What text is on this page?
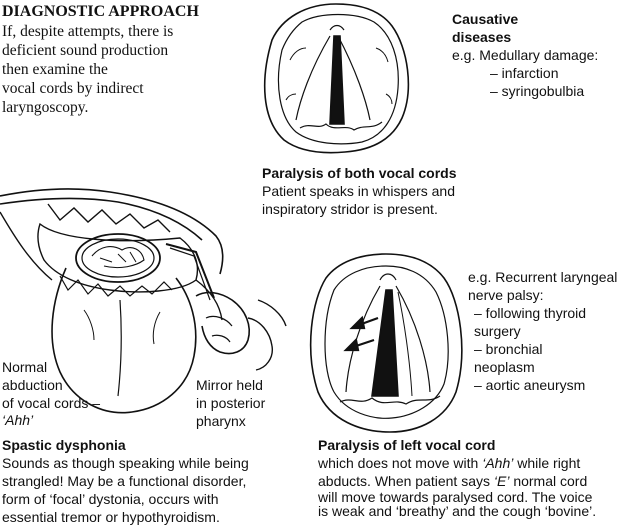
DIAGNOSTIC APPROACH
If, despite attempts, there is
deficient sound production
then examine the
vocal cords by indirect
laryngoscopy.
Causative
diseases
e.g. Medullary damage:
– infarction
– syringobulbia
Paralysis of both vocal cords
Patient speaks in whispers and
inspiratory stridor is present.
e.g. Recurrent laryngeal
nerve palsy:
– following thyroid
surgery
– bronchial
neoplasm
– aortic aneurysm
Normal
abduction
of vocal cords –
‘Ahh’
Mirror held
in posterior
pharynx
Spastic dysphonia
Sounds as though speaking while being
strangled! May be a functional disorder,
form of ‘focal’ dystonia, occurs with
essential tremor or hypothyroidism.
Paralysis of left vocal cord
which does not move with ‘Ahh’ while right
abducts. When patient says ‘E’ normal cord
will move towards paralysed cord. The voice
is weak and ‘breathy’ and the cough ‘bovine’.
